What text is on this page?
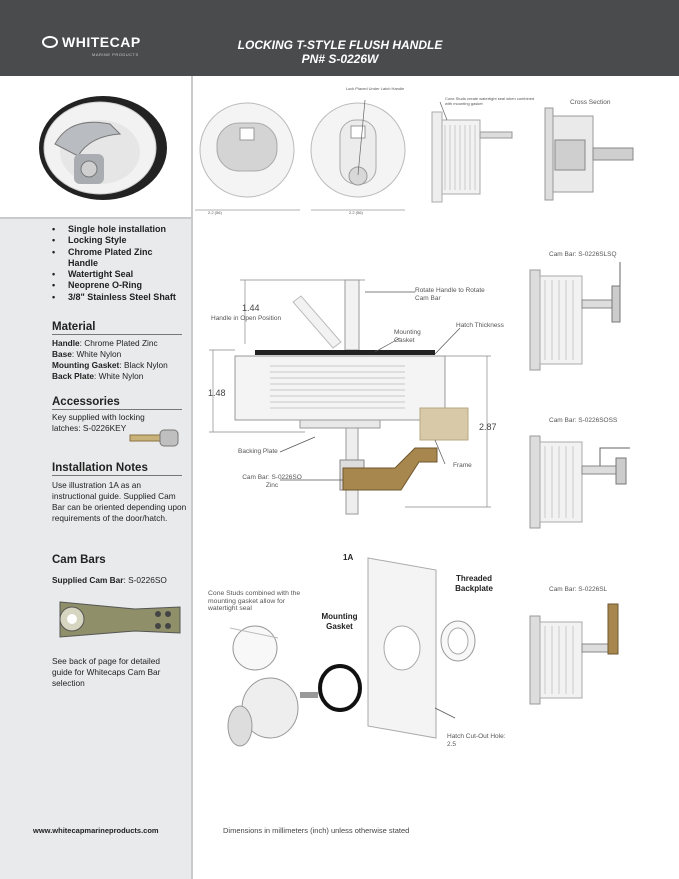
WHITECAP
MARINE PRODUCTS
LOCKING T-STYLE FLUSH HANDLE
PN# S-0226W
• Single hole installation
• Locking Style
• Chrome Plated Zinc Handle
• Watertight Seal
• Neoprene O-Ring
• 3/8" Stainless Steel Shaft
Material
Handle: Chrome Plated Zinc
Base: White Nylon
Mounting Gasket: Black Nylon
Back Plate: White Nylon
Accessories
Key supplied with locking latches: S-0226KEY
Installation Notes
Use illustration 1A as an instructional guide. Supplied Cam Bar can be oriented depending upon requirements of the door/hatch.
Cam Bars
Supplied Cam Bar: S-0226SO
See back of page for detailed guide for Whitecaps Cam Bar selection
2.2 (56)	2.2 (56)
Lock Placed Under Latch Handle
Cone Studs create watertight seal when combined with mounting gasket	Cross Section
Cam Bar: S-0226SLSQ
Cam Bar: S-0226SOSS
Cam Bar: S-0226SL
1.44
Handle in Open Position
Rotate Handle to Rotate Cam Bar
Mounting Gasket
Hatch Thickness
1.48
2.87
Backing Plate
Frame
Cam Bar: S-0226SO Zinc
1A
Threaded Backplate
Mounting Gasket
Cone Studs combined with the mounting gasket allow for watertight seal
Hatch Cut-Out Hole: 2.5
www.whitecapmarineproducts.com	Dimensions in millimeters (inch) unless otherwise stated
